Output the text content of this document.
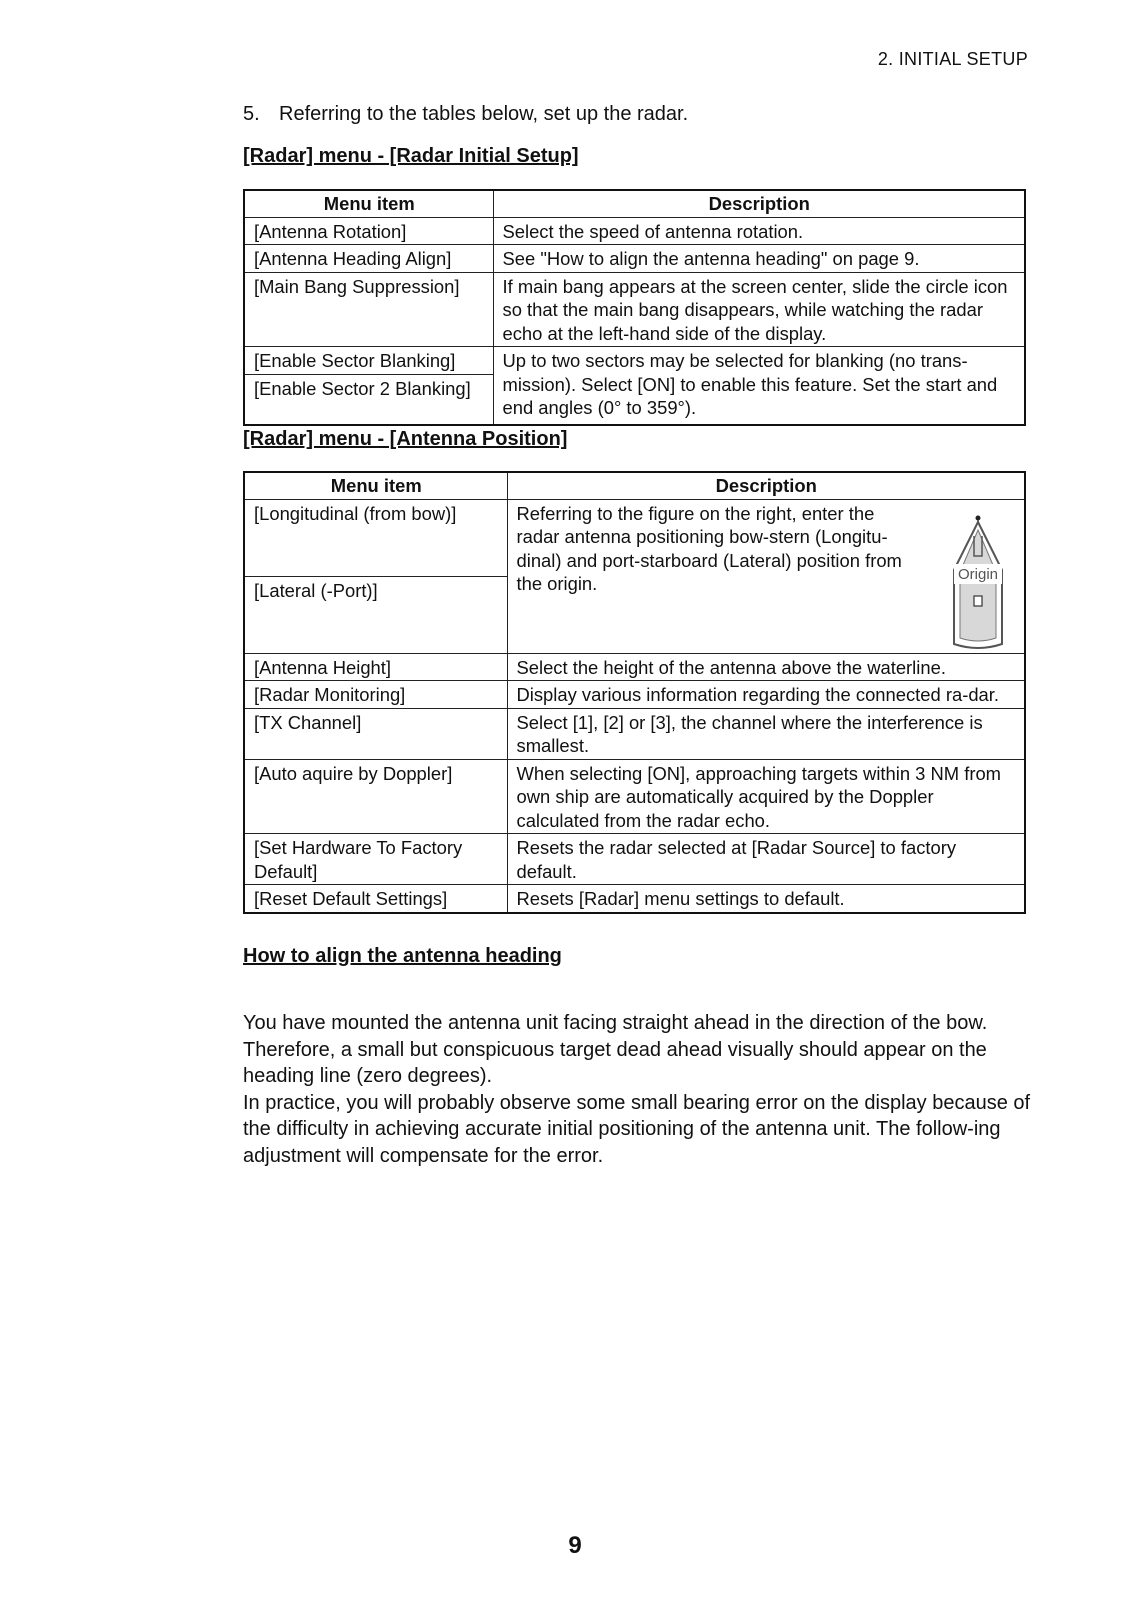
2. INITIAL SETUP
5. Referring to the tables below, set up the radar.
[Radar] menu - [Radar Initial Setup]
Menu item	Description
[Antenna Rotation]	Select the speed of antenna rotation.
[Antenna Heading Align]	See "How to align the antenna heading" on page 9.
[Main Bang Suppression]	If main bang appears at the screen center, slide the circle icon so that the main bang disappears, while watching the radar echo at the left-hand side of the display.
[Enable Sector Blanking]	Up to two sectors may be selected for blanking (no trans-mission). Select [ON] to enable this feature. Set the start and end angles (0° to 359°).
[Enable Sector 2 Blanking]	
[Radar] menu - [Antenna Position]
Menu item	Description
[Longitudinal (from bow)]	Referring to the figure on the right, enter the radar antenna positioning bow-stern (Longitu-dinal) and port-starboard (Lateral) position from the origin. Origin

[Lateral (-Port)]	
[Antenna Height]	Select the height of the antenna above the waterline.
[Radar Monitoring]	Display various information regarding the connected ra-dar.
[TX Channel]	Select [1], [2] or [3], the channel where the interference is smallest.
[Auto aquire by Doppler]	When selecting [ON], approaching targets within 3 NM from own ship are automatically acquired by the Doppler calculated from the radar echo.
[Set Hardware To Factory Default]	Resets the radar selected at [Radar Source] to factory default.
[Reset Default Settings]	Resets [Radar] menu settings to default.
How to align the antenna heading

You have mounted the antenna unit facing straight ahead in the direction of the bow. Therefore, a small but conspicuous target dead ahead visually should appear on the heading line (zero degrees).

In practice, you will probably observe some small bearing error on the display because of the difficulty in achieving accurate initial positioning of the antenna unit. The follow-ing adjustment will compensate for the error.

9
